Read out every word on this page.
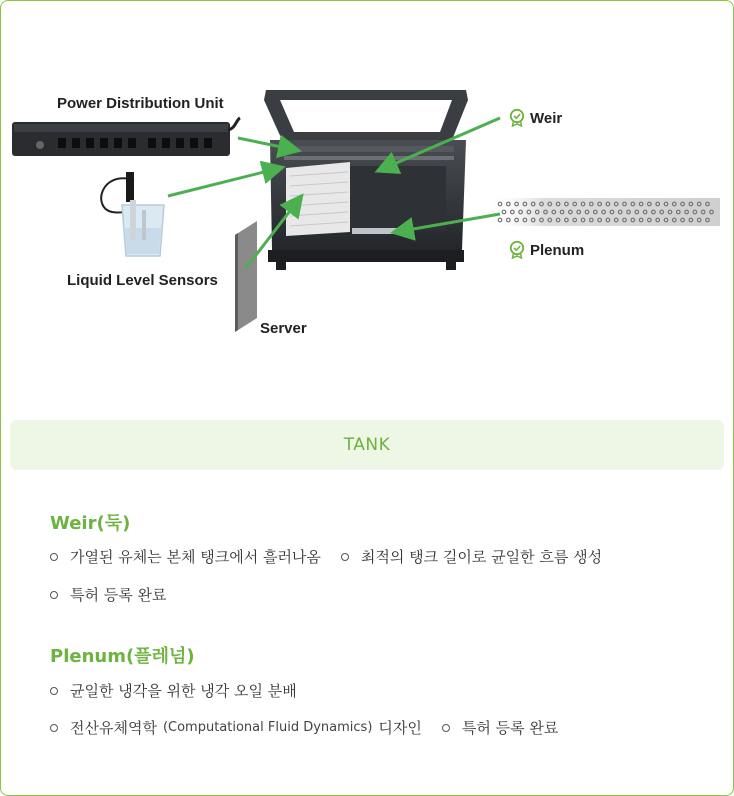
Power Distribution Unit
Liquid Level Sensors
Server
Weir
Plenum
TANK
Weir(둑)
가열된 유체는 본체 탱크에서 흘러나옴	최적의 탱크 길이로 균일한 흐름 생성
특허 등록 완료
Plenum(플레넘)
균일한 냉각을 위한 냉각 오일 분배
전산유체역학 (Computational Fluid Dynamics) 디자인	특허 등록 완료
